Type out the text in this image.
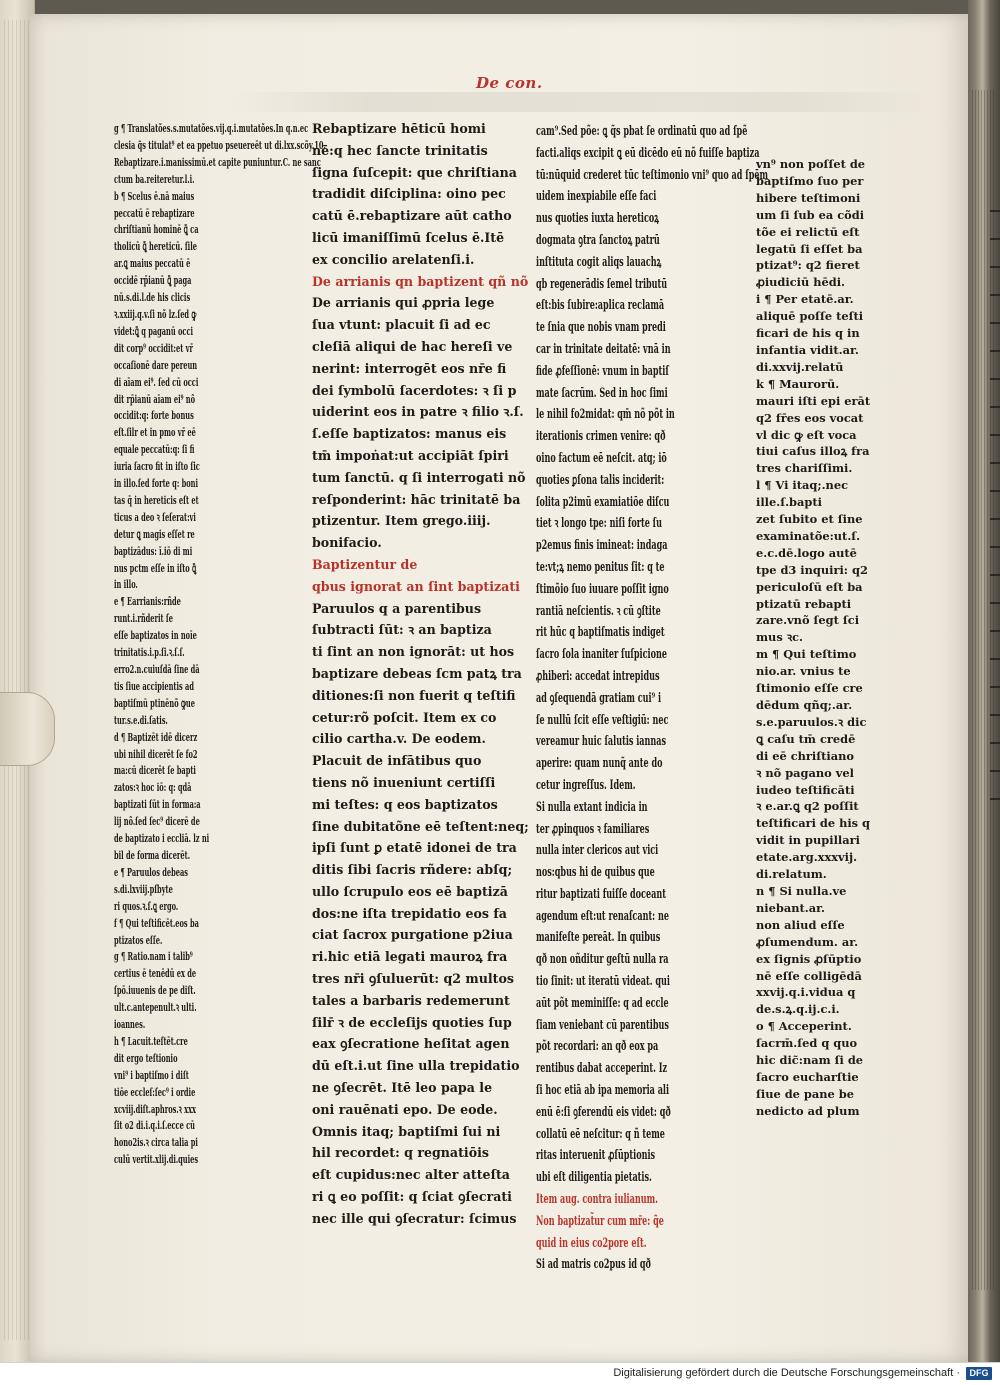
De con.
g ¶ Translatões.s.mutatões.vij.q.i.mutatões.In q.n.ec
clesia q̃s titulat⁹ et ea ppetuo pseuereēt ut di.lxx.scõy.10.
Rebaptizare.i.manissimū.et capite puniuntur.C. ne sanc
ctum ba.reiteretur.l.i.
b ¶ Scelus ē.nā maius
peccatū ē rebaptizare
chriſtianū hominē ꝗ̄ ca
tholicū ꝗ̄ hereticū. ſile
ar.ꝗ maius peccatū ē
occidē rp̄ianū ꝗ̄ paga
nū.s.di.l.de his clicis
ꝛ.xxiij.q.v.ſi nõ lz.ſed ꝙ
videt:ꝗ̄ q paganū occi
dit corp⁹ occidit:et vr̄
occaſionē dare pereun
di aīam ei⁹. ſed cū occi
dit rp̄ianū aīam ei⁹ nõ
occidit:q: forte bonus
eſt.ſilr et in pmo vr̄ eē
equale peccatū:q: ſi fi
iuria ſacro fit in iſto ſic
in illo.ſed forte q: boni
tas q̄ in hereticis eſt et
ticus a deo ꝛ ſeſerat:vi
detur ꝗ magis eſſet re
baptizādus: ī.iō di mi
nus pctm eſſe in iſto ꝗ̄
in illo.
e ¶ Earrianis:rñde
runt.i.rñderit ſe
eſſe baptizatos in noīe
trinitatis.i.p.ſi.ꝛ.ſ.ſ.
erro2.n.cuiuſdā ſine dā
tis ſiue accipientis ad
baptiſmū ptinēnõ ꝙue
tur.s.e.di.ſatis.
d ¶ Baptizēt idē dicerz
ubi nihil dicerēt ſe fo2
ma:cū dicerēt ſe bapti
zatos:ꝛ hoc iō: q: qdā
baptizati ſūt in forma:a
lij nõ.ſed ſec⁹ dicerē de
de baptizato i eccliā. lz ni
bil de forma dicerēt.
e ¶ Paruulos debeas
s.di.lxviij.pſbyte
ri quos.ꝛ.ſ.ꝗ ergo.
f ¶ Qui teſtificēt.eos ba
ptizatos eſſe.
g ¶ Ratio.nam i talib⁹
certius ē tenēdū ex de
ſpō.iuuenis de pe diſt.
ult.c.antepenult.ꝛ ulti.
ioannes.
h ¶ Lacuit.teſtēt.cre
dit ergo teſtionio
vni⁹ i baptiſmo i diſt
tiōe eccleſ:ſec⁹ i ordie
xcviij.diſt.aphros.ꝛ xxx
ſit o2 di.i.q.i.ſ.ecce cū
hono2is.ꝛ circa talia pi
culū vertit.xlij.di.quies

Rebaptizare hēticū homi
nē:q hec ſancte trinitatis
ſigna ſuſcepit: que chriſtiana
tradidit diſciplina: oino pec
catū ē.rebaptizare aūt catho
licū imaniſſimū ſcelus ē.Itē
ex concilio arelatenſi.i.
De arrianis qn baptizent qñ nõ
De arrianis qui ꝓpria lege
ſua vtunt: placuit ſi ad ec
cleſiā aliqui de hac hereſi ve
nerint: interrogēt eos nr̄e fi
dei ſymbolū ſacerdotes: ꝛ ſi p
uiderint eos in patre ꝛ filio ꝛ.ſ.
ſ.eſſe baptizatos: manus eis
tm̄ impoṅat:ut accipiāt ſpiri
tum ſanctū. q ſi interrogati nõ
reſponderint: hāc trinitatē ba
ptizentur. Item grego.iiij.
bonifacio.
Baptizentur de
qbus ignorat an ſint baptizati
Paruulos q a parentibus
ſubtracti ſūt: ꝛ an baptiza
ti ſint an non ignorāt: ut hos
baptizare debeas ſcm patꝝ tra
ditiones:ſi non fuerit q teſtifi
cetur:rõ poſcit. Item ex co
cilio cartha.v. De eodem.
Placuit de infātibus quo
tiens nõ inueniunt certiſſi
mi teſtes: q eos baptizatos
ſine dubitatõne eē teſtent:neq;
ipſi ſunt ꝑ etatē idonei de tra
ditis ſibi ſacris rñdere: abſq;
ullo ſcrupulo eos eē baptizā
dos:ne iſta trepidatio eos fa
ciat ſacrox purgatione p2iua
ri.hic etiā legati mauroꝝ fra
tres nr̄i ꝯſuluerūt: q2 multos
tales a barbaris redemerunt
ſilr̄ ꝛ de eccleſijs quoties ſup
eax ꝯſecratione heſitat agen
dū eſt.i.ut ſine ulla trepidatio
ne ꝯſecrēt. Itē leo papa le
oni rauēnati epo. De eode.
Omnis itaq; baptiſmi ſui ni
hil recordet: q regnatiōis
eſt cupidus:nec alter atteſta
ri ꝗ eo poſſit: q ſciat ꝯſecrati
nec ille qui ꝯſecratur: ſcimus

cam⁹.Sed põe: ꝗ q̃s pbat ſe ordinatū quo ad ſpẽ
facti.aliqs excipit ꝗ eū dicēdo eū nõ fuiſſe baptiza
tū:nūquid crederet tūc teſtimonio vni⁹ quo ad ſpēm
uidem inexpiabile eſſe faci
nus quoties iuxta hereticoꝝ
dogmata ꝯtra ſanctoꝝ patrū
inſtituta cogit aliqs lauachꝝ
qb regenerādis ſemel tributū
eſt:bis ſubire:aplica reclamā
te ſnia que nobis vnam predi
car in trinitate deitatē: vnā in
fide ꝓfeſſionē: vnum in baptiſ
mate ſacrūm. Sed in hoc ſimi
le nihil fo2midat: qm̄ nõ põt in
iterationis crimen venire: qð
oino factum eē neſcit. atq; iō
quoties ꝑſona talis inciderit:
ſolita p2imū examiatiōe diſcu
tiet ꝛ longo tpe: niſi forte ſu
p2emus finis imineat: indaga
te:vt;ꝝ nemo penitus ſit: q te
ſtimõio ſuo iuuare poſſit igno
rantiā neſcientis. ꝛ cū ꝯſtite
rit hūc q baptiſmatis indiget
ſacro ſola inaniter ſuſpicione
ꝓhiberi: accedat intrepidus
ad ꝯſequendā gratiam cui⁹ i
ſe nullū ſcit eſſe veſtigiū: nec
vereamur huic ſalutis iannas
aperire: quam nunq̃ ante do
cetur ingreſſus. Idem.
Si nulla extant indicia in
ter ꝓpinquos ꝛ familiares
nulla inter clericos aut vici
nos:qbus hi de quibus que
ritur baptizati fuiſſe doceant
agendum eſt:ut renaſcant: ne
manifeſte pereāt. In quibus
qð non oñditur geſtū nulla ra
tio ſinit: ut iteratū videat. qui
aūt põt meminiſſe: q ad eccle
ſiam veniebant cū parentibus
põt recordari: an qð eox pa
rentibus dabat acceperint. Iz
ſi hoc etiā ab ipa memoria ali
enū ē:ſi ꝯferendū eis videt: qð
collatū eē neſcitur: q ñ teme
ritas interuenit ꝓſūptionis
ubi eſt diligentia pietatis.
Item aug. contra iulianum.
Non baptizat̃ur cum mr̄e: q̃e
quid in eius co2pore eſt.
Si ad matris co2pus id qð

vn⁹ non poſſet de
baptiſmo ſuo per
hibere teſtimoni
um ſi ſub ea cõdi
tõe ei relictū eſt
legatū ſi eſſet ba
ptizat⁹: q2 fieret
ꝓiudiciū hēdi.
i ¶ Per etatē.ar.
aliquē poſſe teſti
ficari de his q in
infantia vidit.ar.
di.xxvij.relatū
k ¶ Maurorū.
mauri iſti epi erāt
q2 fr̄es eos vocat
vl dic ꝙ eſt voca
tiui caſus illoꝝ fra
tres chariſſimi.
l ¶ Vi itaq;.nec
ille.ſ.bapti
zet ſubito et ſine
examinatõe:ut.ſ.
e.c.dē.logo autē
tpe d3 inquiri: q2
periculoſū eſt ba
ptizatū rebapti
zare.vnõ ſegt ſci
mus ꝛc.
m ¶ Qui teſtimo
nio.ar. vnius te
ſtimonio eſſe cre
dēdum qñq;.ar.
s.e.paruulos.ꝛ dic
ꝗ caſu tm̄ credē
di eē chriſtiano
ꝛ nõ pagano vel
iudeo teſtificāti
ꝛ e.ar.ꝗ q2 poſſit
teſtificari de his q
vidit in pupillari
etate.arg.xxxvij.
di.relatum.
n ¶ Si nulla.ve
niebant.ar.
non aliud eſſe
ꝓſumendum. ar.
ex ſignis ꝓſūptio
nē eſſe colligēdā
xxvij.q.i.vidua q
de.s.ꝝ.q.ij.c.i.
o ¶ Acceperint.
ſacrm̄.ſed q quo
hic dic̃:nam ſi de
ſacro eucharſtie
ſiue de pane be
nedicto ad plum

Digitalisierung gefördert durch die Deutsche Forschungsgemeinschaft ·	DFG
